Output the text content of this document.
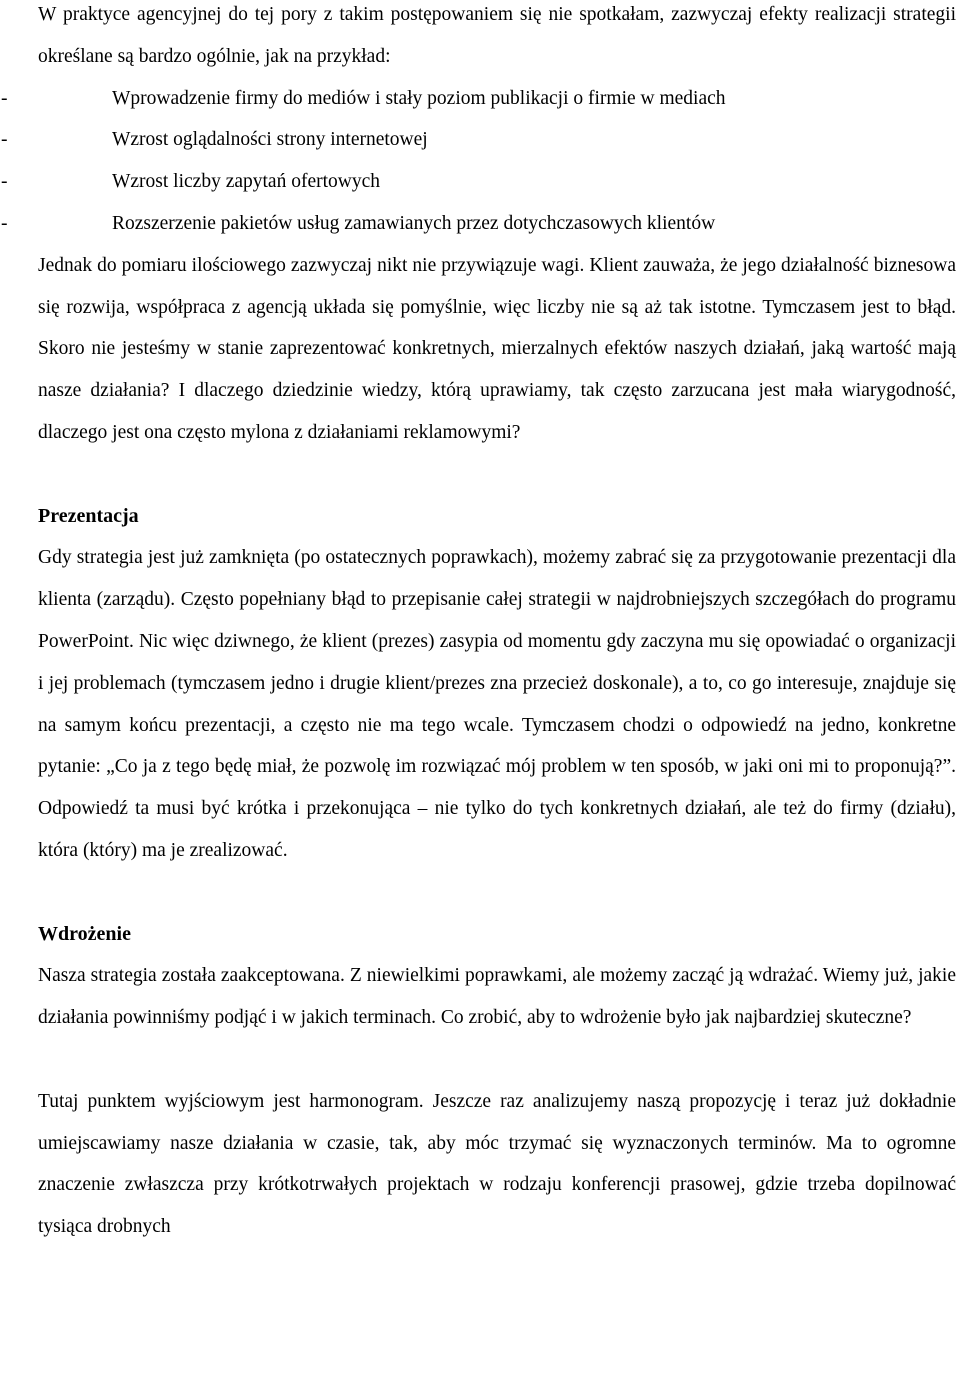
W praktyce agencyjnej do tej pory z takim postępowaniem się nie spotkałam, zazwyczaj efekty realizacji strategii określane są bardzo ogólnie, jak na przykład:

-	Wprowadzenie firmy do mediów i stały poziom publikacji o firmie w mediach
-	Wzrost oglądalności strony internetowej
-	Wzrost liczby zapytań ofertowych
-	Rozszerzenie pakietów usług zamawianych przez dotychczasowych klientów

Jednak do pomiaru ilościowego zazwyczaj nikt nie przywiązuje wagi. Klient zauważa, że jego działalność biznesowa się rozwija, współpraca z agencją układa się pomyślnie, więc liczby nie są aż tak istotne. Tymczasem jest to błąd. Skoro nie jesteśmy w stanie zaprezentować konkretnych, mierzalnych efektów naszych działań, jaką wartość mają nasze działania? I dlaczego dziedzinie wiedzy, którą uprawiamy, tak często zarzucana jest mała wiarygodność, dlaczego jest ona często mylona z działaniami reklamowymi?

Prezentacja

Gdy strategia jest już zamknięta (po ostatecznych poprawkach), możemy zabrać się za przygotowanie prezentacji dla klienta (zarządu). Często popełniany błąd to przepisanie całej strategii w najdrobniejszych szczegółach do programu PowerPoint. Nic więc dziwnego, że klient (prezes) zasypia od momentu gdy zaczyna mu się opowiadać o organizacji i jej problemach (tymczasem jedno i drugie klient/prezes zna przecież doskonale), a to, co go interesuje, znajduje się na samym końcu prezentacji, a często nie ma tego wcale. Tymczasem chodzi o odpowiedź na jedno, konkretne pytanie: „Co ja z tego będę miał, że pozwolę im rozwiązać mój problem w ten sposób, w jaki oni mi to proponują?”. Odpowiedź ta musi być krótka i przekonująca – nie tylko do tych konkretnych działań, ale też do firmy (działu), która (który) ma je zrealizować.

Wdrożenie

Nasza strategia została zaakceptowana. Z niewielkimi poprawkami, ale możemy zacząć ją wdrażać. Wiemy już, jakie działania powinniśmy podjąć i w jakich terminach. Co zrobić, aby to wdrożenie było jak najbardziej skuteczne?

Tutaj punktem wyjściowym jest harmonogram. Jeszcze raz analizujemy naszą propozycję i teraz już dokładnie umiejscawiamy nasze działania w czasie, tak, aby móc trzymać się wyznaczonych terminów. Ma to ogromne znaczenie zwłaszcza przy krótkotrwałych projektach w rodzaju konferencji prasowej, gdzie trzeba dopilnować tysiąca drobnych
